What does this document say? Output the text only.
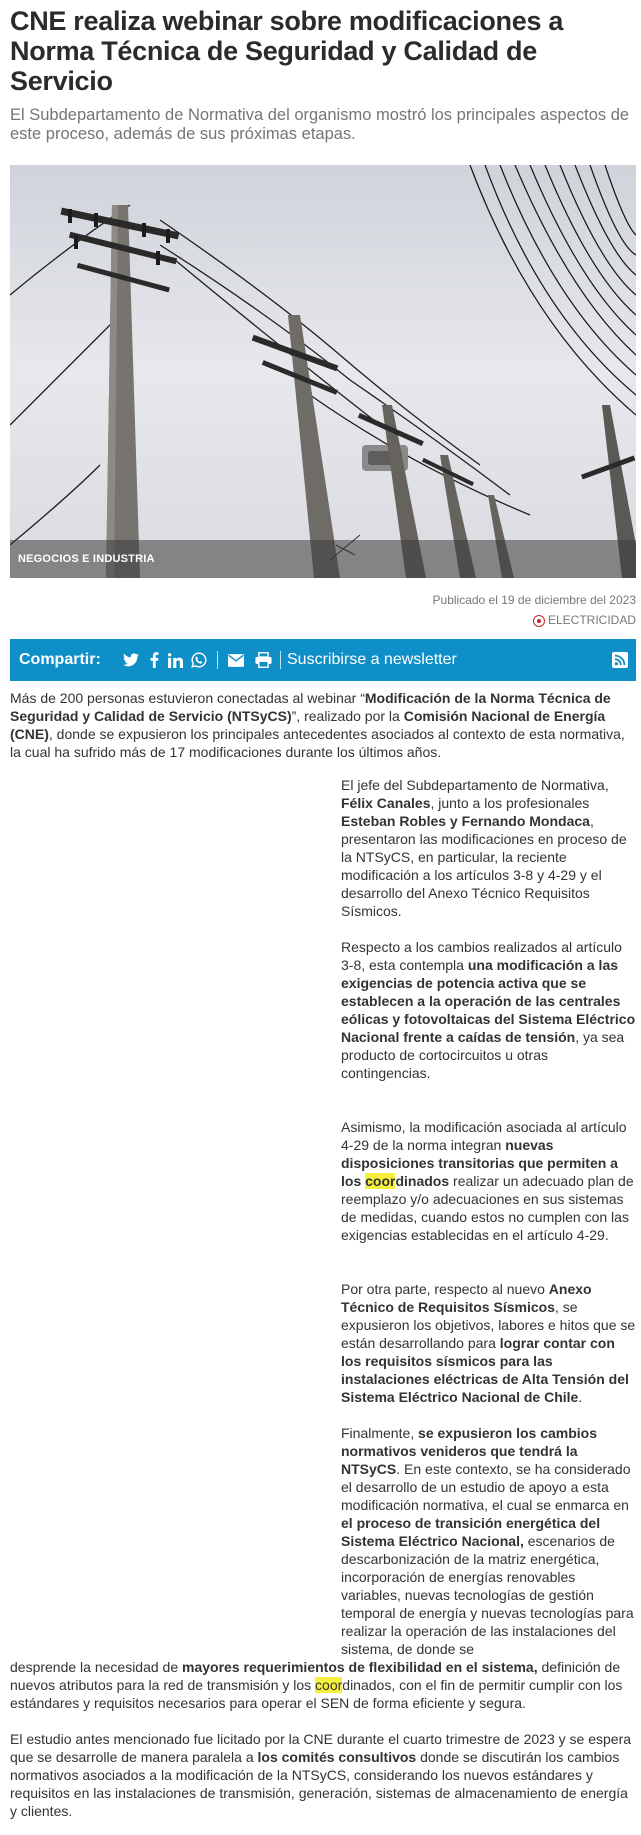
CNE realiza webinar sobre modificaciones a Norma Técnica de Seguridad y Calidad de Servicio

El Subdepartamento de Normativa del organismo mostró los principales aspectos de este proceso, además de sus próximas etapas.

NEGOCIOS E INDUSTRIA
Publicado el 19 de diciembre del 2023
ELECTRICIDAD
Compartir:	Suscribirse a newsletter

Más de 200 personas estuvieron conectadas al webinar “Modificación de la Norma Técnica de Seguridad y Calidad de Servicio (NTSyCS)”, realizado por la Comisión Nacional de Energía (CNE), donde se expusieron los principales antecedentes asociados al contexto de esta normativa, la cual ha sufrido más de 17 modificaciones durante los últimos años.

El jefe del Subdepartamento de Normativa, Félix Canales, junto a los profesionales Esteban Robles y Fernando Mondaca, presentaron las modificaciones en proceso de la NTSyCS, en particular, la reciente modificación a los artículos 3-8 y 4-29 y el desarrollo del Anexo Técnico Requisitos Sísmicos.

Respecto a los cambios realizados al artículo 3-8, esta contempla una modificación a las exigencias de potencia activa que se establecen a la operación de las centrales eólicas y fotovoltaicas del Sistema Eléctrico Nacional frente a caídas de tensión, ya sea producto de cortocircuitos u otras contingencias.

Asimismo, la modificación asociada al artículo 4-29 de la norma integran nuevas disposiciones transitorias que permiten a los coordinados realizar un adecuado plan de reemplazo y/o adecuaciones en sus sistemas de medidas, cuando estos no cumplen con las exigencias establecidas en el artículo 4-29.

Por otra parte, respecto al nuevo Anexo Técnico de Requisitos Sísmicos, se expusieron los objetivos, labores e hitos que se están desarrollando para lograr contar con los requisitos sísmicos para las instalaciones eléctricas de Alta Tensión del Sistema Eléctrico Nacional de Chile.

Finalmente, se expusieron los cambios normativos venideros que tendrá la NTSyCS. En este contexto, se ha considerado el desarrollo de un estudio de apoyo a esta modificación normativa, el cual se enmarca en el proceso de transición energética del Sistema Eléctrico Nacional, escenarios de descarbonización de la matriz energética, incorporación de energías renovables variables, nuevas tecnologías de gestión temporal de energía y nuevas tecnologías para realizar la operación de las instalaciones del sistema, de donde se

desprende la necesidad de mayores requerimientos de flexibilidad en el sistema, definición de nuevos atributos para la red de transmisión y los coordinados, con el fin de permitir cumplir con los estándares y requisitos necesarios para operar el SEN de forma eficiente y segura.

El estudio antes mencionado fue licitado por la CNE durante el cuarto trimestre de 2023 y se espera que se desarrolle de manera paralela a los comités consultivos donde se discutirán los cambios normativos asociados a la modificación de la NTSyCS, considerando los nuevos estándares y requisitos en las instalaciones de transmisión, generación, sistemas de almacenamiento de energía y clientes.
